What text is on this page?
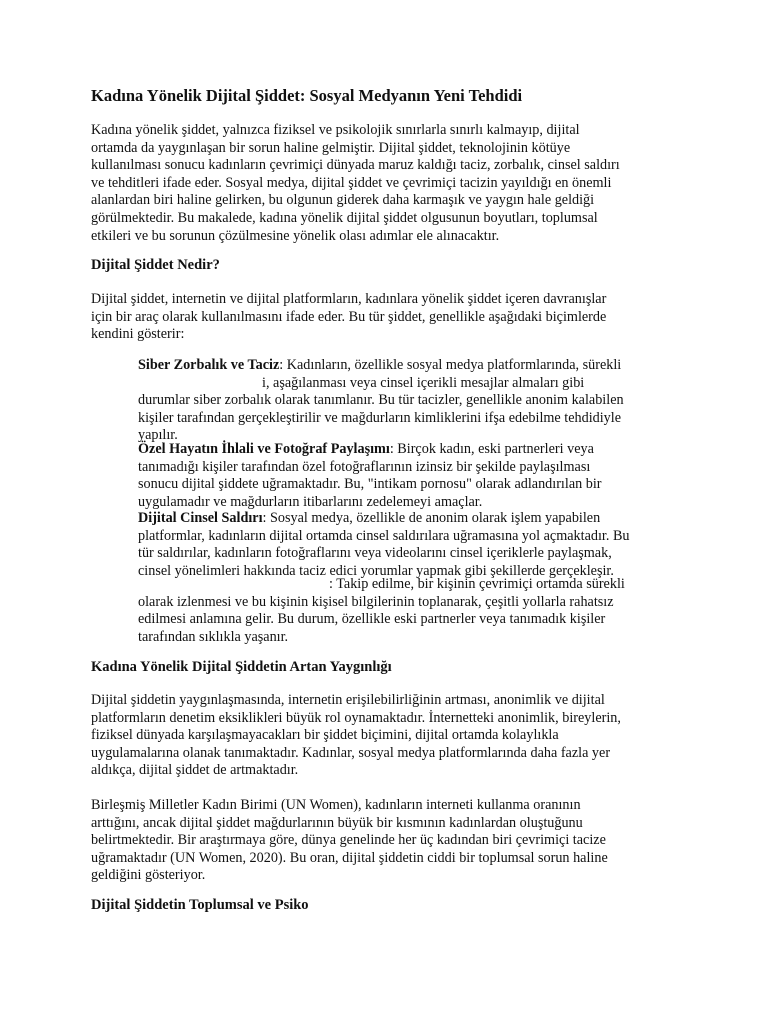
Kadına Yönelik Dijital Şiddet: Sosyal Medyanın Yeni Tehdidi

Kadına yönelik şiddet, yalnızca fiziksel ve psikolojik sınırlarla sınırlı kalmayıp, dijital
ortamda da yaygınlaşan bir sorun haline gelmiştir. Dijital şiddet, teknolojinin kötüye
kullanılması sonucu kadınların çevrimiçi dünyada maruz kaldığı taciz, zorbalık, cinsel saldırı
ve tehditleri ifade eder. Sosyal medya, dijital şiddet ve çevrimiçi tacizin yayıldığı en önemli
alanlardan biri haline gelirken, bu olgunun giderek daha karmaşık ve yaygın hale geldiği
görülmektedir. Bu makalede, kadına yönelik dijital şiddet olgusunun boyutları, toplumsal
etkileri ve bu sorunun çözülmesine yönelik olası adımlar ele alınacaktır.

Dijital Şiddet Nedir?

Dijital şiddet, internetin ve dijital platformların, kadınlara yönelik şiddet içeren davranışlar
için bir araç olarak kullanılmasını ifade eder. Bu tür şiddet, genellikle aşağıdaki biçimlerde
kendini gösterir:

Siber Zorbalık ve Taciz: Kadınların, özellikle sosyal medya platformlarında, sürekli
i, aşağılanması veya cinsel içerikli mesajlar almaları gibi
durumlar siber zorbalık olarak tanımlanır. Bu tür tacizler, genellikle anonim kalabilen
kişiler tarafından gerçekleştirilir ve mağdurların kimliklerini ifşa edebilme tehdidiyle
yapılır.

Özel Hayatın İhlali ve Fotoğraf Paylaşımı: Birçok kadın, eski partnerleri veya
tanımadığı kişiler tarafından özel fotoğraflarının izinsiz bir şekilde paylaşılması
sonucu dijital şiddete uğramaktadır. Bu, "intikam pornosu" olarak adlandırılan bir
uygulamadır ve mağdurların itibarlarını zedelemeyi amaçlar.

Dijital Cinsel Saldırı: Sosyal medya, özellikle de anonim olarak işlem yapabilen
platformlar, kadınların dijital ortamda cinsel saldırılara uğramasına yol açmaktadır. Bu
tür saldırılar, kadınların fotoğraflarını veya videolarını cinsel içeriklerle paylaşmak,
cinsel yönelimleri hakkında taciz edici yorumlar yapmak gibi şekillerde gerçekleşir.

: Takip edilme, bir kişinin çevrimiçi ortamda sürekli
olarak izlenmesi ve bu kişinin kişisel bilgilerinin toplanarak, çeşitli yollarla rahatsız
edilmesi anlamına gelir. Bu durum, özellikle eski partnerler veya tanımadık kişiler
tarafından sıklıkla yaşanır.

Kadına Yönelik Dijital Şiddetin Artan Yaygınlığı

Dijital şiddetin yaygınlaşmasında, internetin erişilebilirliğinin artması, anonimlik ve dijital
platformların denetim eksiklikleri büyük rol oynamaktadır. İnternetteki anonimlik, bireylerin,
fiziksel dünyada karşılaşmayacakları bir şiddet biçimini, dijital ortamda kolaylıkla
uygulamalarına olanak tanımaktadır. Kadınlar, sosyal medya platformlarında daha fazla yer
aldıkça, dijital şiddet de artmaktadır.

Birleşmiş Milletler Kadın Birimi (UN Women), kadınların interneti kullanma oranının
arttığını, ancak dijital şiddet mağdurlarının büyük bir kısmının kadınlardan oluştuğunu
belirtmektedir. Bir araştırmaya göre, dünya genelinde her üç kadından biri çevrimiçi tacize
uğramaktadır (UN Women, 2020). Bu oran, dijital şiddetin ciddi bir toplumsal sorun haline
geldiğini gösteriyor.

Dijital Şiddetin Toplumsal ve Psiko
